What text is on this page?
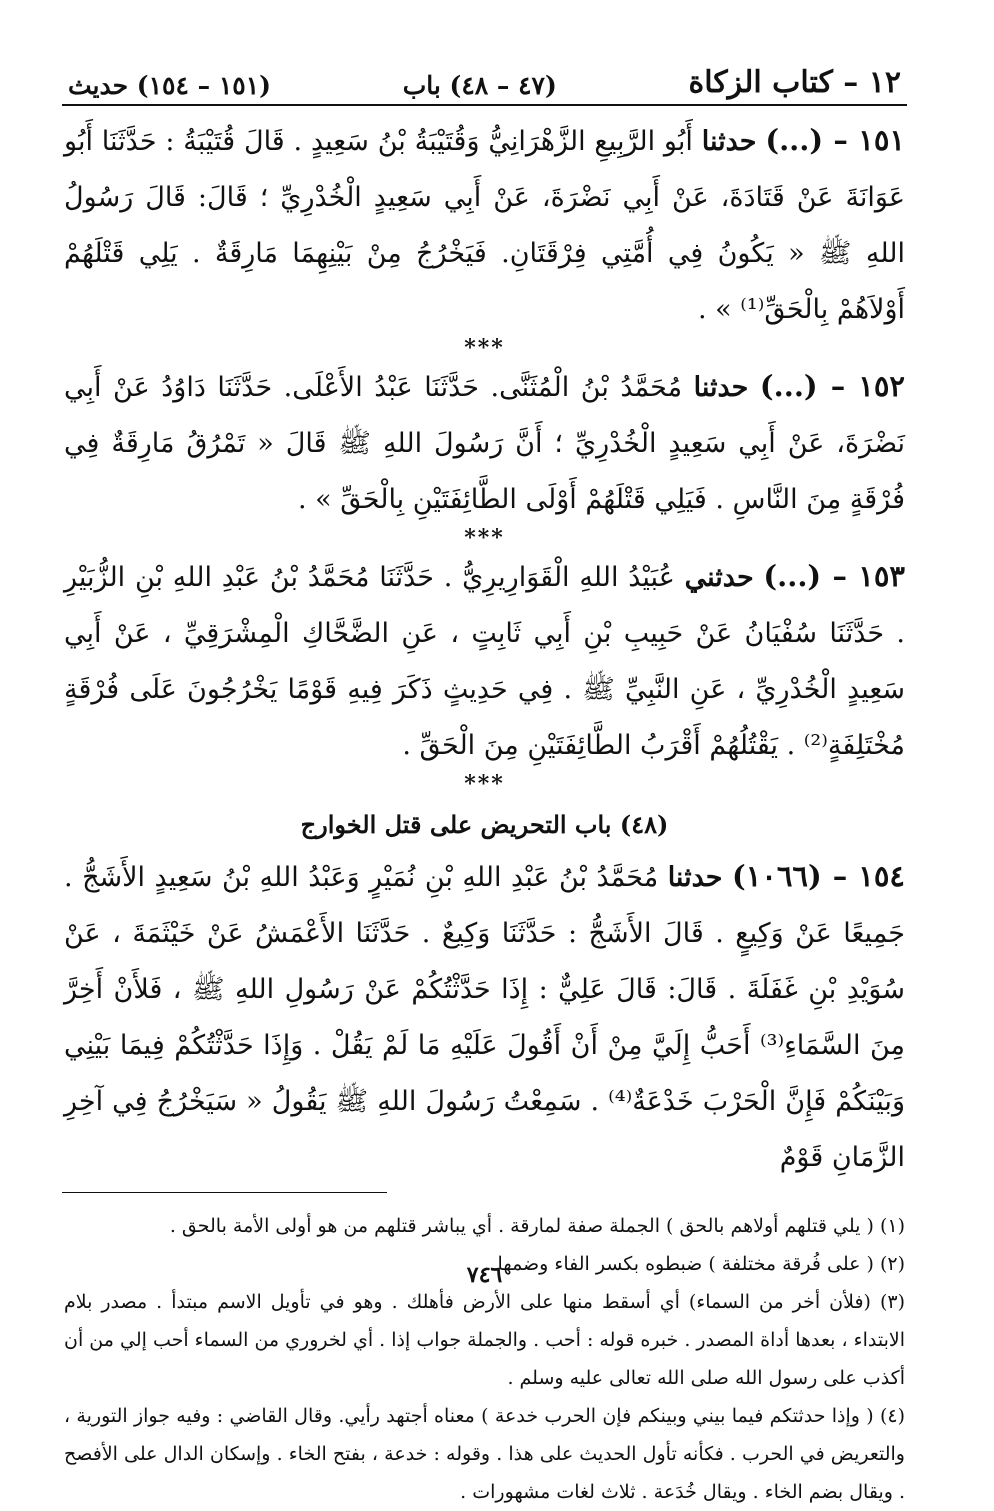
١٢ – كتاب الزكاة
(٤٧ – ٤٨) باب
(١٥١ – ١٥٤) حديث

١٥١ – (...) حدثنا أَبُو الرَّبِيعِ الزَّهْرَانِيُّ وَقُتَيْبَةُ بْنُ سَعِيدٍ . قَالَ قُتَيْبَةُ : حَدَّثَنَا أَبُو عَوَانَةَ عَنْ قَتَادَةَ، عَنْ أَبِي نَضْرَةَ، عَنْ أَبِي سَعِيدٍ الْخُدْرِيِّ ؛ قَالَ: قَالَ رَسُولُ اللهِ ﷺ « يَكُونُ فِي أُمَّتِي فِرْقَتَانِ. فَيَخْرُجُ مِنْ بَيْنِهِمَا مَارِقَةٌ . يَلِي قَتْلَهُمْ أَوْلاَهُمْ بِالْحَقِّ⁽¹⁾ » .

***

١٥٢ – (...) حدثنا مُحَمَّدُ بْنُ الْمُثَنَّى. حَدَّثَنَا عَبْدُ الأَعْلَى. حَدَّثَنَا دَاوُدُ عَنْ أَبِي نَضْرَةَ، عَنْ أَبِي سَعِيدٍ الْخُدْرِيِّ ؛ أَنَّ رَسُولَ اللهِ ﷺ قَالَ « تَمْرُقُ مَارِقَةٌ فِي فُرْقَةٍ مِنَ النَّاسِ . فَيَلِي قَتْلَهُمْ أَوْلَى الطَّائِفَتَيْنِ بِالْحَقِّ » .

***

١٥٣ – (...) حدثني عُبَيْدُ اللهِ الْقَوَارِيرِيُّ . حَدَّثَنَا مُحَمَّدُ بْنُ عَبْدِ اللهِ بْنِ الزُّبَيْرِ . حَدَّثَنَا سُفْيَانُ عَنْ حَبِيبِ بْنِ أَبِي ثَابِتٍ ، عَنِ الضَّحَّاكِ الْمِشْرَقِيِّ ، عَنْ أَبِي سَعِيدٍ الْخُدْرِيِّ ، عَنِ النَّبِيِّ ﷺ . فِي حَدِيثٍ ذَكَرَ فِيهِ قَوْمًا يَخْرُجُونَ عَلَى فُرْقَةٍ مُخْتَلِفَةٍ⁽²⁾ . يَقْتُلُهُمْ أَقْرَبُ الطَّائِفَتَيْنِ مِنَ الْحَقِّ .

***
(٤٨) باب التحريض على قتل الخوارج

١٥٤ – (١٠٦٦) حدثنا مُحَمَّدُ بْنُ عَبْدِ اللهِ بْنِ نُمَيْرٍ وَعَبْدُ اللهِ بْنُ سَعِيدٍ الأَشَجُّ . جَمِيعًا عَنْ وَكِيعٍ . قَالَ الأَشَجُّ : حَدَّثَنَا وَكِيعٌ . حَدَّثَنَا الأَعْمَشُ عَنْ خَيْثَمَةَ ، عَنْ سُوَيْدِ بْنِ غَفَلَةَ . قَالَ: قَالَ عَلِيٌّ : إِذَا حَدَّثْتُكُمْ عَنْ رَسُولِ اللهِ ﷺ ، فَلأَنْ أَخِرَّ مِنَ السَّمَاءِ⁽³⁾ أَحَبُّ إِلَيَّ مِنْ أَنْ أَقُولَ عَلَيْهِ مَا لَمْ يَقُلْ . وَإِذَا حَدَّثْتُكُمْ فِيمَا بَيْنِي وَبَيْنَكُمْ فَإِنَّ الْحَرْبَ خَدْعَةٌ⁽⁴⁾ . سَمِعْتُ رَسُولَ اللهِ ﷺ يَقُولُ « سَيَخْرُجُ فِي آخِرِ الزَّمَانِ قَوْمٌ

(١) ( يلي قتلهم أولاهم بالحق ) الجملة صفة لمارقة . أي يباشر قتلهم من هو أولى الأمة بالحق .

(٢) ( على فُرقة مختلفة ) ضبطوه بكسر الفاء وضمها .

(٣) (فلأن أخر من السماء) أي أسقط منها على الأرض فأهلك . وهو في تأويل الاسم مبتدأ . مصدر بلام الابتداء ، بعدها أداة المصدر . خبره قوله : أحب . والجملة جواب إذا . أي لخروري من السماء أحب إلي من أن أكذب على رسول الله صلى الله تعالى عليه وسلم .

(٤) ( وإذا حدثتكم فيما بيني وبينكم فإن الحرب خدعة ) معناه أجتهد رأيي. وقال القاضي : وفيه جواز التورية ، والتعريض في الحرب . فكأنه تأول الحديث على هذا . وقوله : خدعة ، بفتح الخاء . وإسكان الدال على الأفصح . ويقال بضم الخاء . ويقال خُدَعة . ثلاث لغات مشهورات .

٧٤٦
